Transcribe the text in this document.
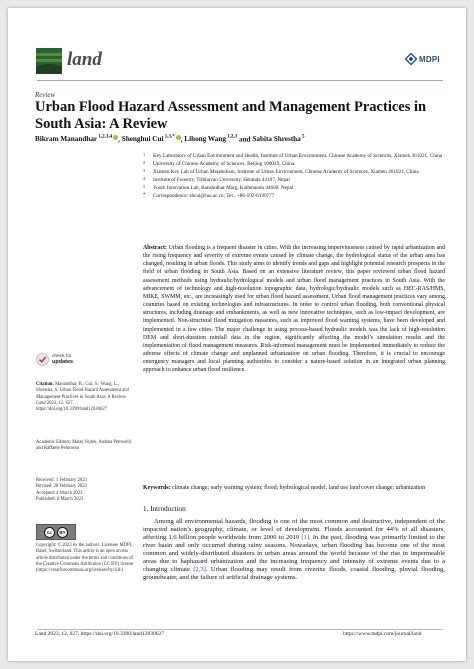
land	MDPI
Review
Urban Flood Hazard Assessment and Management Practices in South Asia: A Review
Bikram Manandhar $^{1,2,3,4}$ , Shenghui Cui $^{1,3,*}$ , Lihong Wang $^{1,2,3}$ and Sabita Shrestha $^5$
1 Key Laboratory of Urban Environment and Health, Institute of Urban Environment, Chinese Academy of Sciences, Xiamen 361021, China
2 University of Chinese Academy of Sciences, Beijing 100049, China
3 Xiamen Key Lab of Urban Metabolism, Institute of Urban Environment, Chinese Academy of Sciences, Xiamen 361021, China
4 Institute of Forestry, Tribhuvan University, Hetauda 44107, Nepal
5 Youth Innovation Lab, Banshidhar Marg, Kathmandu 44600, Nepal
* Correspondence: shcui@iue.ac.cn; Tel.: +86-592-6190777
Abstract: Urban flooding is a frequent disaster in cities. With the increasing imperviousness caused by rapid urbanization and the rising frequency and severity of extreme events caused by climate change, the hydrological status of the urban area has changed, resulting in urban floods. This study aims to identify trends and gaps and highlight potential research prospects in the field of urban flooding in South Asia. Based on an extensive literature review, this paper reviewed urban flood hazard assessment methods using hydraulic/hydrological models and urban flood management practices in South Asia. With the advancement of technology and high-resolution topographic data, hydrologic/hydraulic models such as HEC-RAS/HMS, MIKE, SWMM, etc., are increasingly used for urban flood hazard assessment. Urban flood management practices vary among countries based on existing technologies and infrastructures. In order to control urban flooding, both conventional physical structures, including drainage and embankments, as well as new innovative techniques, such as low-impact development, are implemented. Non-structural flood mitigation measures, such as improved flood warning systems, have been developed and implemented in a few cities. The major challenge in using process-based hydraulic models was the lack of high-resolution DEM and short-duration rainfall data in the region, significantly affecting the model’s simulation results and the implementation of flood management measures. Risk-informed management must be implemented immediately to reduce the adverse effects of climate change and unplanned urbanization on urban flooding. Therefore, it is crucial to encourage emergency managers and local planning authorities to consider a nature-based solution in an integrated urban planning approach to enhance urban flood resilience.
Keywords: climate change; early warning system; flood; hydrological model; land use land cover change; urbanization
check for
updates
Citation: Manandhar, B.; Cui, S.; Wang, L.; Shrestha, S. Urban Flood Hazard Assessment and Management Practices in South Asia: A Review. Land 2023, 12, 627. https://doi.org/10.3390/land12030627
Academic Editors: Matej Vojtek, Andrea Petroselli and Raffaele Pelorosso
Received: 1 February 2023
Revised: 28 February 2023
Accepted: 4 March 2023
Published: 6 March 2023
cc	BY
Copyright: © 2023 by the authors. Licensee MDPI, Basel, Switzerland. This article is an open access article distributed under the terms and conditions of the Creative Commons Attribution (CC BY) license (https://creativecommons.org/licenses/by/4.0/).
1. Introduction
Among all environmental hazards, flooding is one of the most common and destructive, independent of the impacted nation’s geography, climate, or level of development. Floods accounted for 44% of all disasters, affecting 1.6 billion people worldwide from 2000 to 2019 [1]. In the past, flooding was primarily limited to the river basin and only occurred during rainy seasons. Nowadays, urban flooding has become one of the most common and widely-distributed disasters in urban areas around the world because of the rise in impermeable areas due to haphazard urbanization and the increasing frequency and intensity of extreme events due to a changing climate [2,3]. Urban flooding may result from riverine floods, coastal flooding, pluvial flooding, groundwater, and the failure of artificial drainage systems.
Land 2023, 12, 627. https://doi.org/10.3390/land12030627	https://www.mdpi.com/journal/land
